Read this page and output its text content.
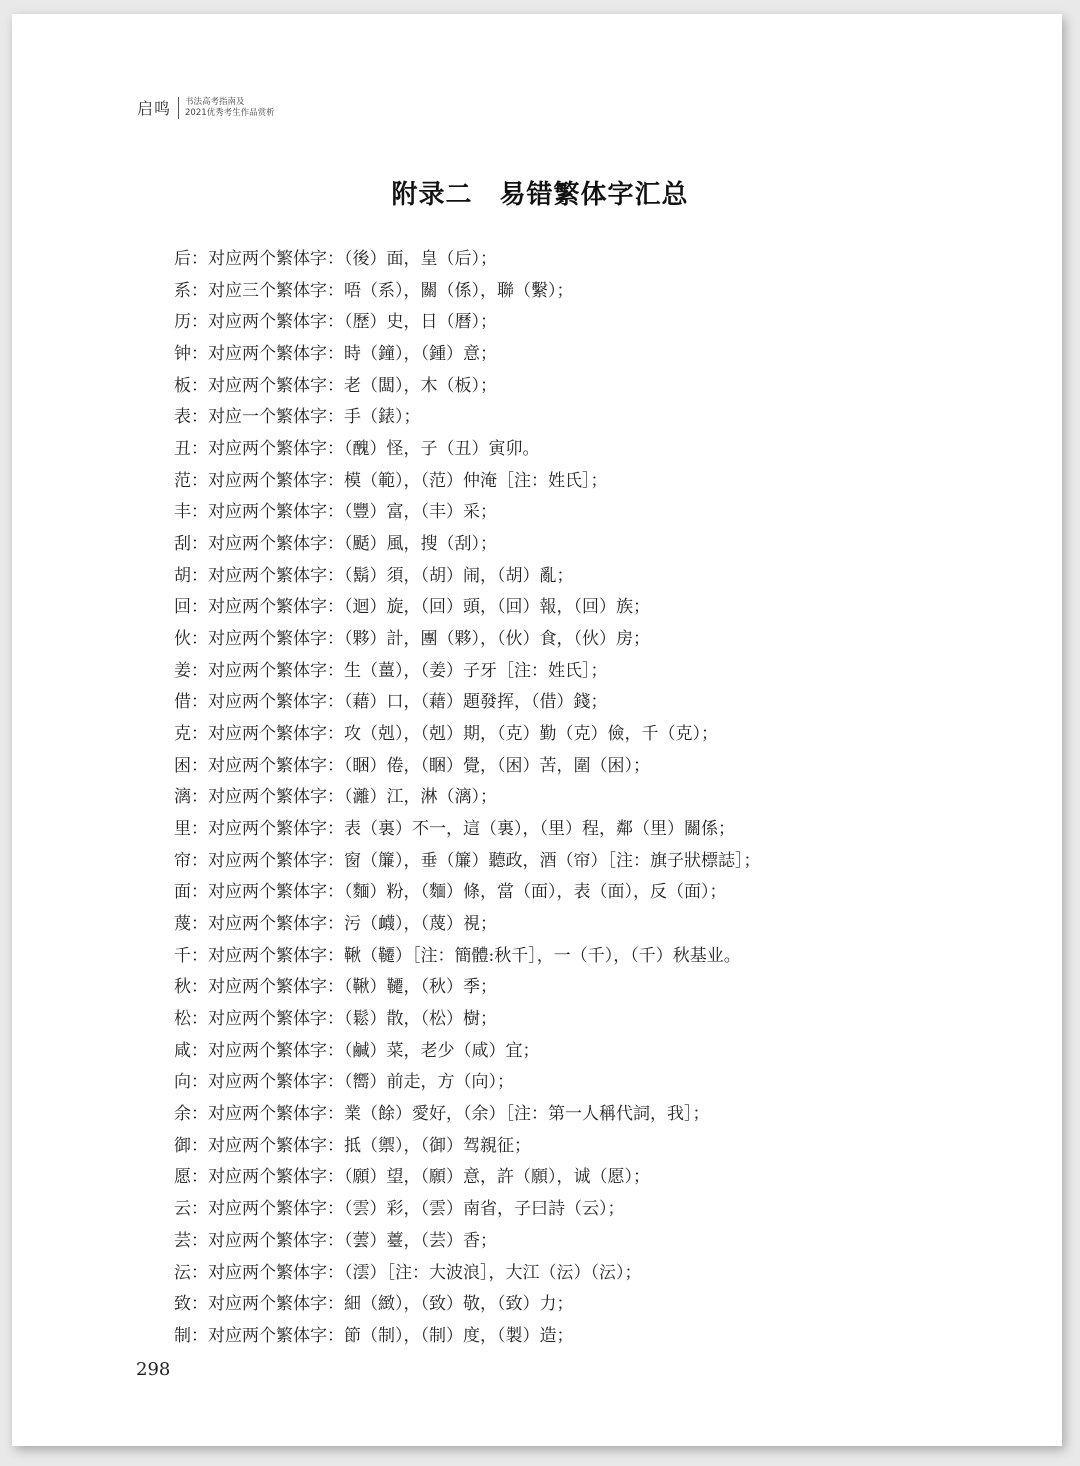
启鸣 书法高考指南及
2021优秀考生作品赏析
附录二　易错繁体字汇总
后：对应两个繁体字：（後）面，皇（后）；
系：对应三个繁体字：唔（系），關（係），聯（繫）；
历：对应两个繁体字：（歷）史，日（曆）；
钟：对应两个繁体字：時（鐘），（鍾）意；
板：对应两个繁体字：老（闆），木（板）；
表：对应一个繁体字：手（錶）；
丑：对应两个繁体字：（醜）怪，子（丑）寅卯。
范：对应两个繁体字：模（範），（范）仲淹［注：姓氏］；
丰：对应两个繁体字：（豐）富，（丰）采；
刮：对应两个繁体字：（颳）風，搜（刮）；
胡：对应两个繁体字：（鬍）須，（胡）闹，（胡）亂；
回：对应两个繁体字：（迴）旋，（回）頭，（回）報，（回）族；
伙：对应两个繁体字：（夥）計，團（夥），（伙）食，（伙）房；
姜：对应两个繁体字：生（薑），（姜）子牙［注：姓氏］；
借：对应两个繁体字：（藉）口，（藉）題發挥，（借）錢；
克：对应两个繁体字：攻（剋），（剋）期，（克）勤（克）儉，千（克）；
困：对应两个繁体字：（睏）倦，（睏）覺，（困）苦，圍（困）；
漓：对应两个繁体字：（灕）江，淋（漓）；
里：对应两个繁体字：表（裏）不一，這（裏），（里）程，鄰（里）關係；
帘：对应两个繁体字：窗（簾），垂（簾）聽政，酒（帘）［注：旗子狀標誌］；
面：对应两个繁体字：（麵）粉，（麵）條，當（面），表（面），反（面）；
蔑：对应两个繁体字：污（衊），（蔑）視；
千：对应两个繁体字：鞦（韆）［注：簡體:秋千］，一（千），（千）秋基业。
秋：对应两个繁体字：（鞦）韆，（秋）季；
松：对应两个繁体字：（鬆）散，（松）樹；
咸：对应两个繁体字：（鹹）菜，老少（咸）宜；
向：对应两个繁体字：（嚮）前走，方（向）；
余：对应两个繁体字：業（餘）愛好，（余）［注：第一人稱代詞，我］；
御：对应两个繁体字：抵（禦），（御）驾親征；
愿：对应两个繁体字：（願）望，（願）意，許（願），诚（愿）；
云：对应两个繁体字：（雲）彩，（雲）南省，子曰詩（云）；
芸：对应两个繁体字：（蕓）薹，（芸）香；
沄：对应两个繁体字：（澐）［注：大波浪］，大江（沄）（沄）；
致：对应两个繁体字：細（緻），（致）敬，（致）力；
制：对应两个繁体字：節（制），（制）度，（製）造；
298
